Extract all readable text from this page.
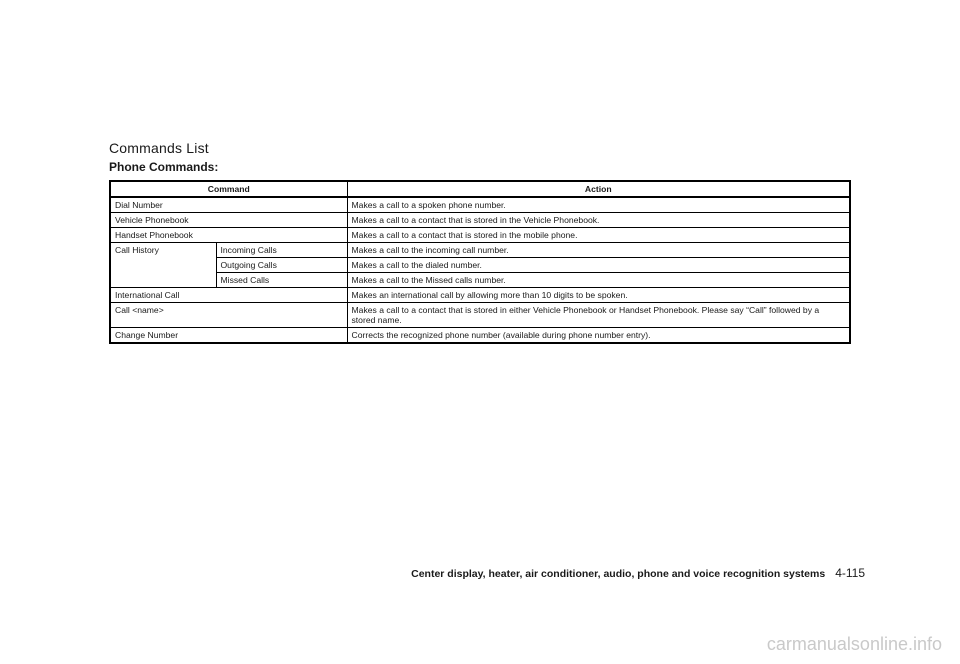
Commands List
Phone Commands:
Command		Action
Dial Number		Makes a call to a spoken phone number.
Vehicle Phonebook		Makes a call to a contact that is stored in the Vehicle Phonebook.
Handset Phonebook		Makes a call to a contact that is stored in the mobile phone.
Call History	Incoming Calls	Makes a call to the incoming call number.
	Outgoing Calls	Makes a call to the dialed number.
	Missed Calls	Makes a call to the Missed calls number.
International Call		Makes an international call by allowing more than 10 digits to be spoken.
Call <name>		Makes a call to a contact that is stored in either Vehicle Phonebook or Handset Phonebook. Please say “Call” followed by a stored name.
Change Number		Corrects the recognized phone number (available during phone number entry).
Center display, heater, air conditioner, audio, phone and voice recognition systems 4-115
carmanualsonline.info
